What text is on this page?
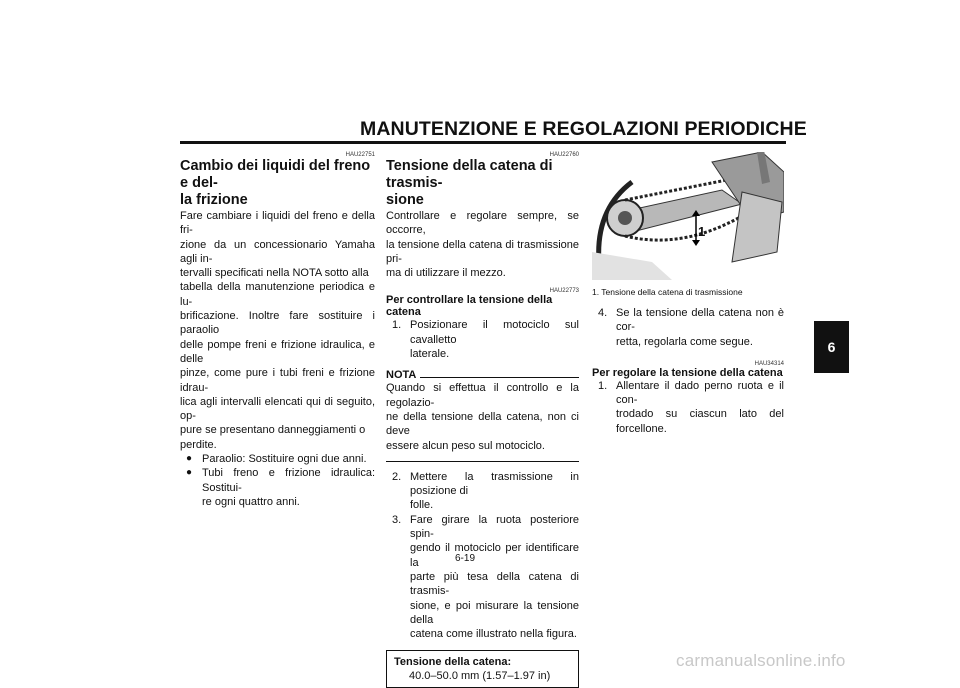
MANUTENZIONE E REGOLAZIONI PERIODICHE
HAU22751
Cambio dei liquidi del freno e del-
la frizione
Fare cambiare i liquidi del freno e della fri-
zione da un concessionario Yamaha agli in-
tervalli specificati nella NOTA sotto alla
tabella della manutenzione periodica e lu-
brificazione. Inoltre fare sostituire i paraolio
delle pompe freni e frizione idraulica, e delle
pinze, come pure i tubi freni e frizione idrau-
lica agli intervalli elencati qui di seguito, op-
pure se presentano danneggiamenti o
perdite.
● Paraolio: Sostituire ogni due anni.
● Tubi freno e frizione idraulica: Sostitui-
re ogni quattro anni.
HAU22760
Tensione della catena di trasmis-
sione
Controllare e regolare sempre, se occorre,
la tensione della catena di trasmissione pri-
ma di utilizzare il mezzo.
HAU22773
Per controllare la tensione della catena
1. Posizionare il motociclo sul cavalletto
laterale.
NOTA
Quando si effettua il controllo e la regolazio-
ne della tensione della catena, non ci deve
essere alcun peso sul motociclo.
2. Mettere la trasmissione in posizione di
folle.
3. Fare girare la ruota posteriore spin-
gendo il motociclo per identificare la
parte più tesa della catena di trasmis-
sione, e poi misurare la tensione della
catena come illustrato nella figura.
Tensione della catena:
40.0–50.0 mm (1.57–1.97 in)
1
1. Tensione della catena di trasmissione
4. Se la tensione della catena non è cor-
retta, regolarla come segue.
HAU34314
Per regolare la tensione della catena
1. Allentare il dado perno ruota e il con-
trodado su ciascun lato del forcellone.
6
6-19
carmanualsonline.info
